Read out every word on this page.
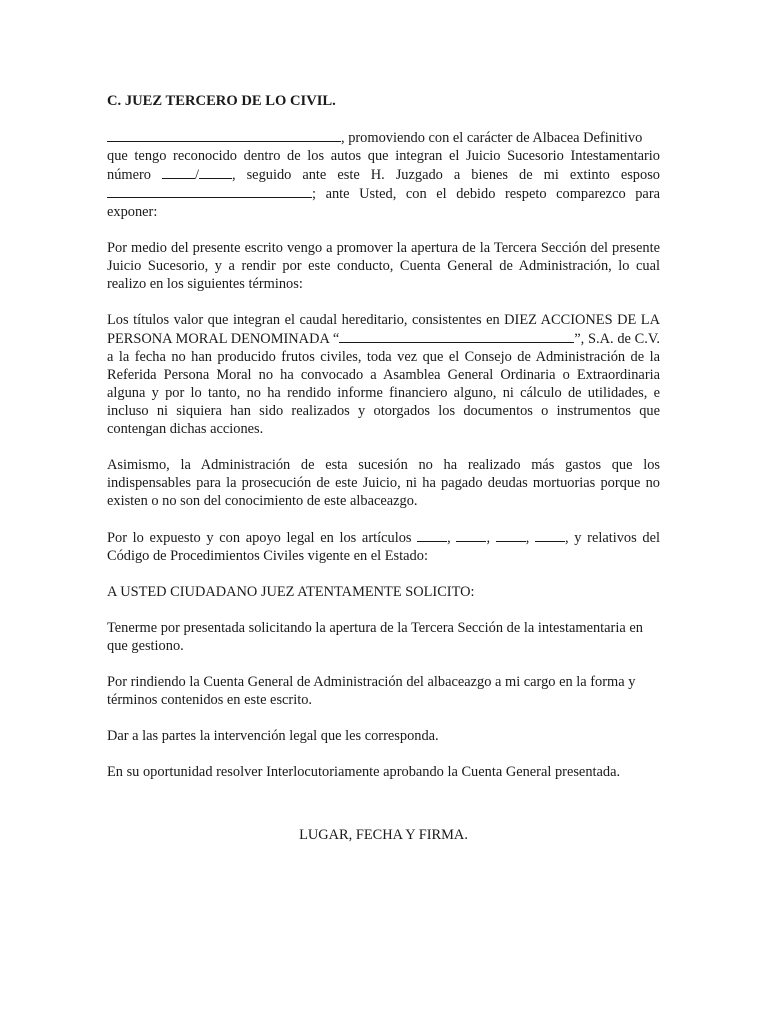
C. JUEZ TERCERO DE LO CIVIL.
, promoviendo con el carácter de Albacea Definitivo
que tengo reconocido dentro de los autos que integran el Juicio Sucesorio Intestamentario
número / , seguido ante este H. Juzgado a bienes de mi extinto esposo
; ante Usted, con el debido respeto comparezco para
exponer:
Por medio del presente escrito vengo a promover la apertura de la Tercera Sección del presente Juicio Sucesorio, y a rendir por este conducto, Cuenta General de Administración, lo cual realizo en los siguientes términos:
Los títulos valor que integran el caudal hereditario, consistentes en DIEZ ACCIONES DE LA PERSONA MORAL DENOMINADA “	”, S.A. de C.V. a la fecha no han producido frutos civiles, toda vez que el Consejo de Administración de la Referida Persona Moral no ha convocado a Asamblea General Ordinaria o Extraordinaria alguna y por lo tanto, no ha rendido informe financiero alguno, ni cálculo de utilidades, e incluso ni siquiera han sido realizados y otorgados los documentos o instrumentos que contengan dichas acciones.
Asimismo, la Administración de esta sucesión no ha realizado más gastos que los indispensables para la prosecución de este Juicio, ni ha pagado deudas mortuorias porque no existen o no son del conocimiento de este albaceazgo.
Por lo expuesto y con apoyo legal en los artículos , , , , y relativos del Código de Procedimientos Civiles vigente en el Estado:
A USTED CIUDADANO JUEZ ATENTAMENTE SOLICITO:
Tenerme por presentada solicitando la apertura de la Tercera Sección de la intestamentaria en que gestiono.
Por rindiendo la Cuenta General de Administración del albaceazgo a mi cargo en la forma y términos contenidos en este escrito.
Dar a las partes la intervención legal que les corresponda.
En su oportunidad resolver Interlocutoriamente aprobando la Cuenta General presentada.
LUGAR, FECHA Y FIRMA.
